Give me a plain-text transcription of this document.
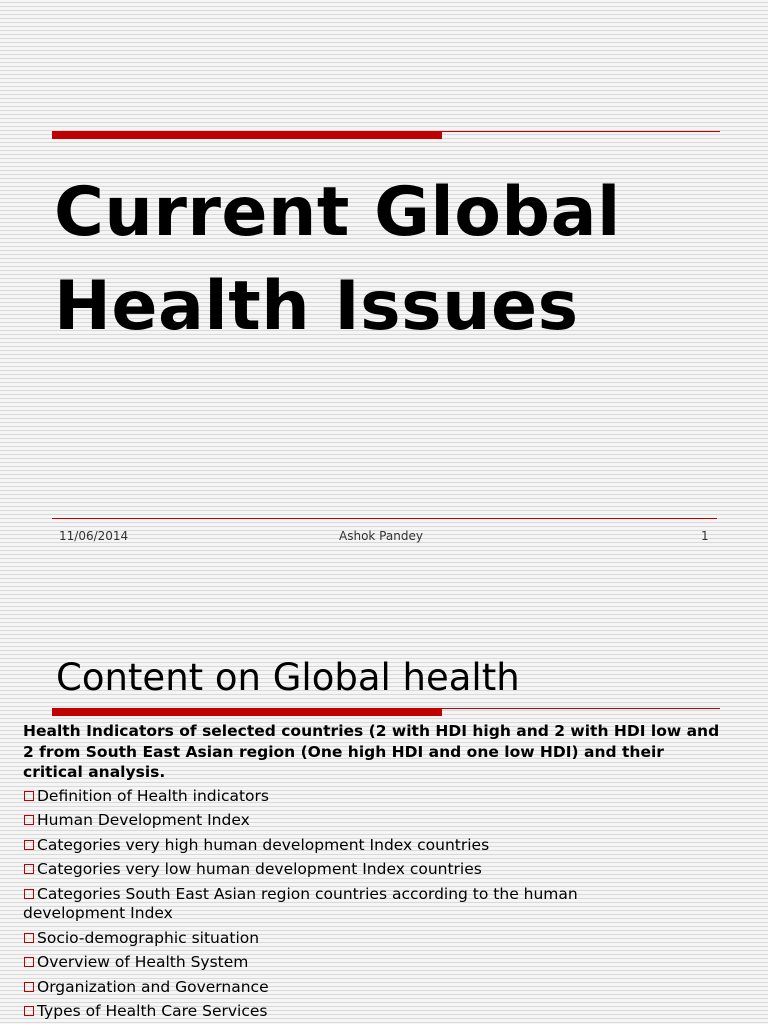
Current Global
Health Issues
11/06/2014	Ashok Pandey	1
Content on Global health

Health Indicators of selected countries (2 with HDI high and 2 with HDI low and 2 from South East Asian region (One high HDI and one low HDI) and their critical analysis.

Definition of Health indicators
Human Development Index
Categories very high human development Index countries
Categories very low human development Index countries
Categories South East Asian region countries according to the human development Index
Socio-demographic situation
Overview of Health System
Organization and Governance
Types of Health Care Services
